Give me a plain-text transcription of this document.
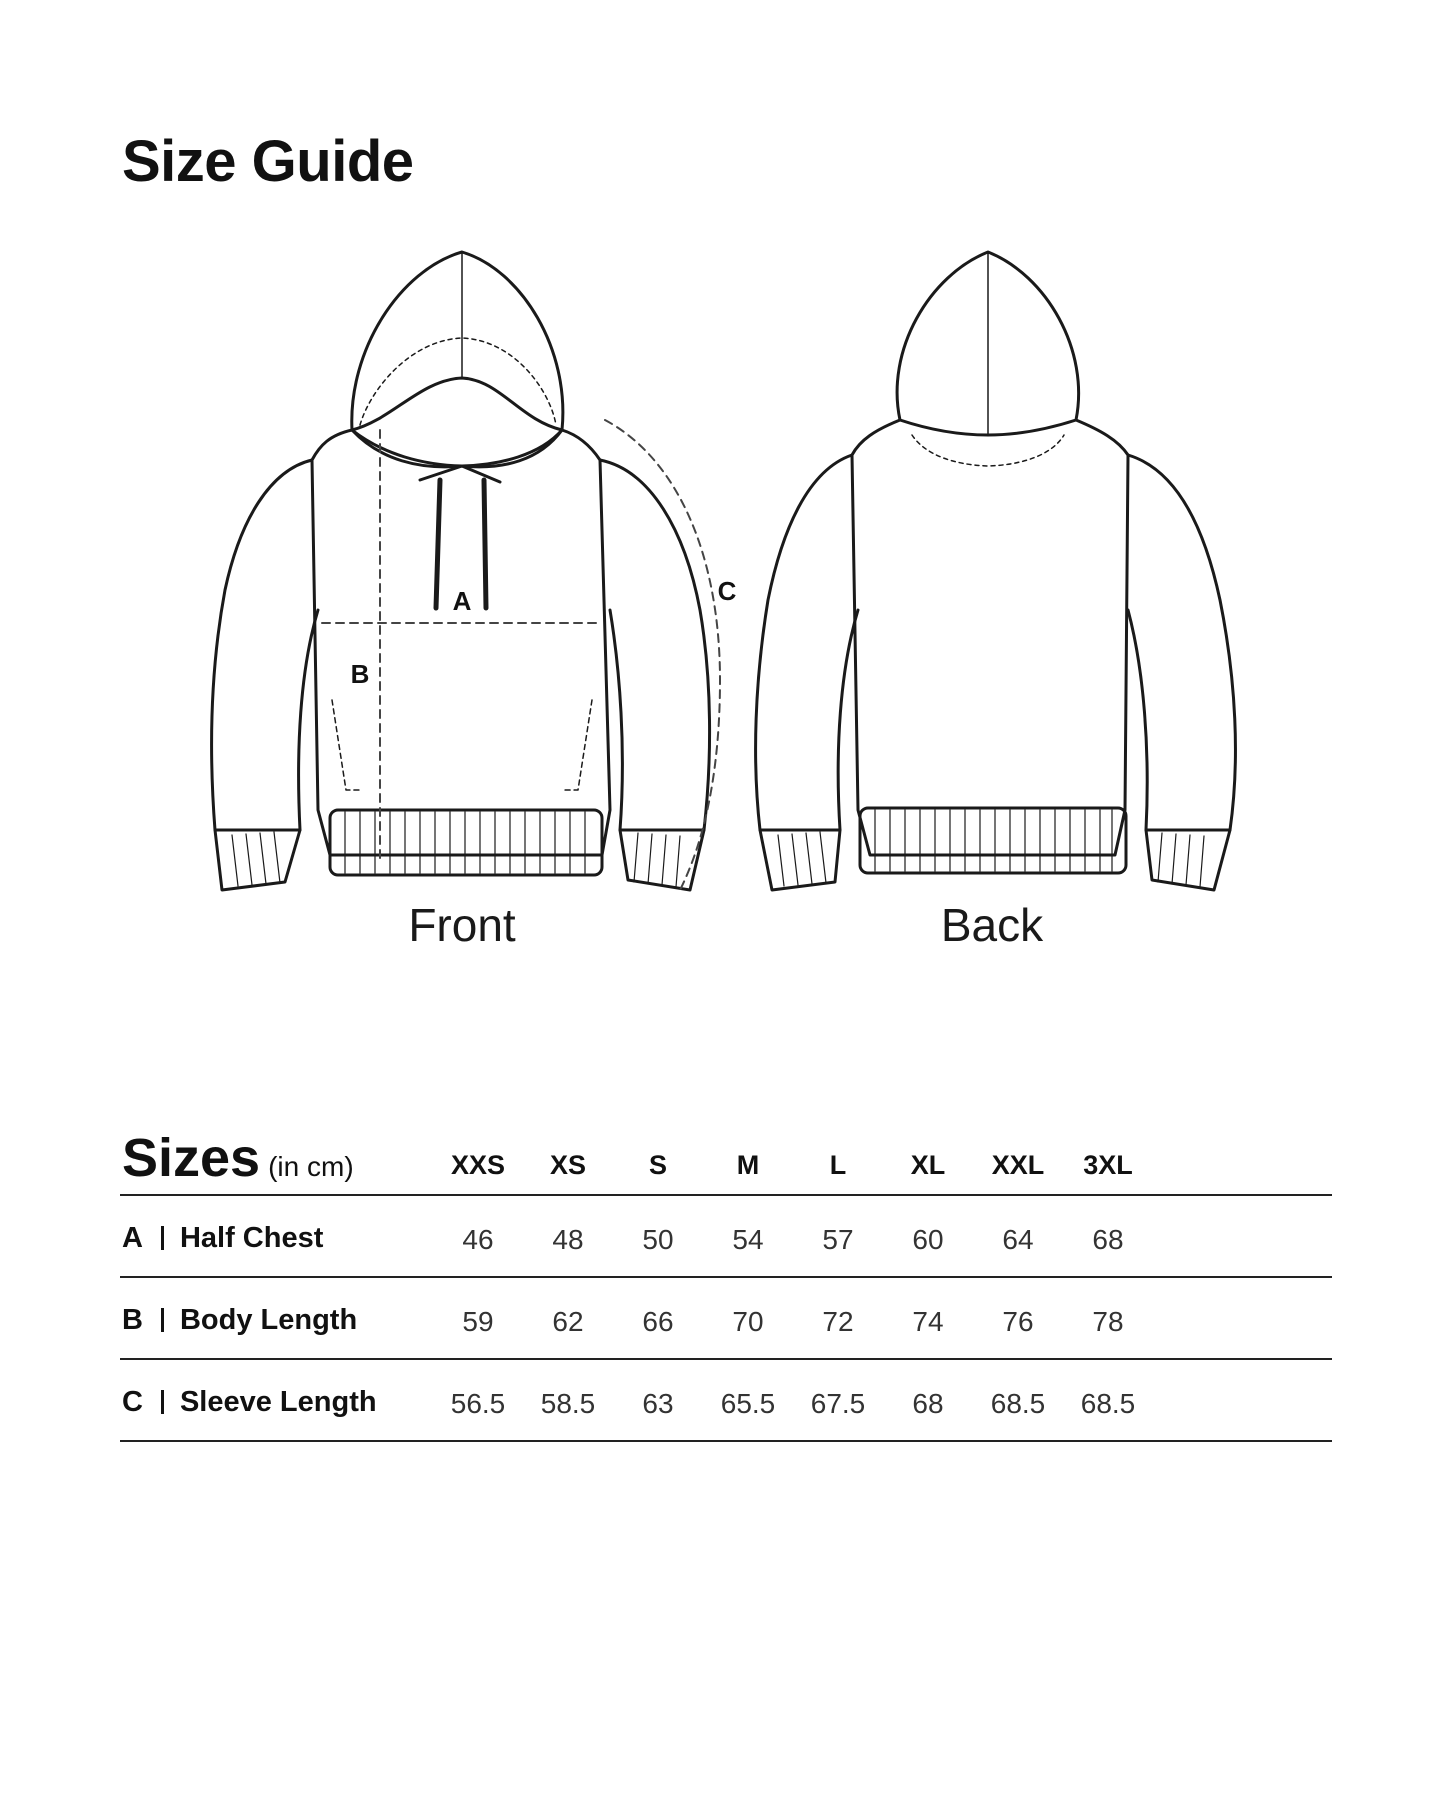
Size Guide
A
B
C
Front	Back
Sizes (in cm)	XXS XS S	M	L XL XXL 3XL
A Half Chest	46 48 50 54 57 60 64 68
B Body Length	59 62 66 70 72 74 76 78
C Sleeve Length	56.5 58.5 63 65.5 67.5 68 68.5 68.5
